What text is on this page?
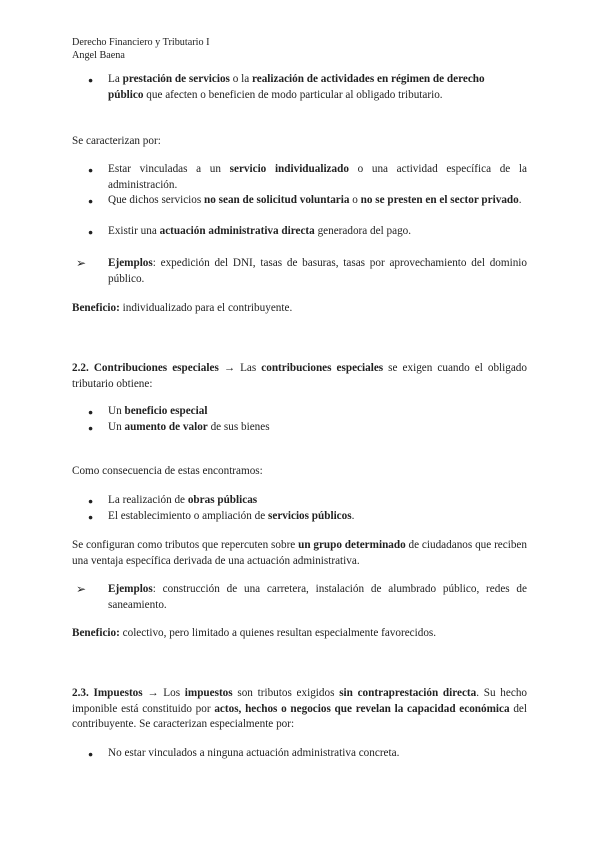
Derecho Financiero y Tributario I
Angel Baena
● La prestación de servicios o la realización de actividades en régimen de derecho
público que afecten o beneficien de modo particular al obligado tributario.
Se caracterizan por:
● Estar vinculadas a un servicio individualizado o una actividad específica de la administración.
● Que dichos servicios no sean de solicitud voluntaria o no se presten en el sector privado.
● Existir una actuación administrativa directa generadora del pago.
➢ Ejemplos: expedición del DNI, tasas de basuras, tasas por aprovechamiento del dominio público.
Beneficio: individualizado para el contribuyente.
2.2. Contribuciones especiales → Las contribuciones especiales se exigen cuando el obligado tributario obtiene:
● Un beneficio especial
● Un aumento de valor de sus bienes
Como consecuencia de estas encontramos:
● La realización de obras públicas
● El establecimiento o ampliación de servicios públicos.
Se configuran como tributos que repercuten sobre un grupo determinado de ciudadanos que reciben una ventaja específica derivada de una actuación administrativa.
➢ Ejemplos: construcción de una carretera, instalación de alumbrado público, redes de saneamiento.
Beneficio: colectivo, pero limitado a quienes resultan especialmente favorecidos.
2.3. Impuestos → Los impuestos son tributos exigidos sin contraprestación directa. Su hecho imponible está constituido por actos, hechos o negocios que revelan la capacidad económica del contribuyente. Se caracterizan especialmente por:
● No estar vinculados a ninguna actuación administrativa concreta.
